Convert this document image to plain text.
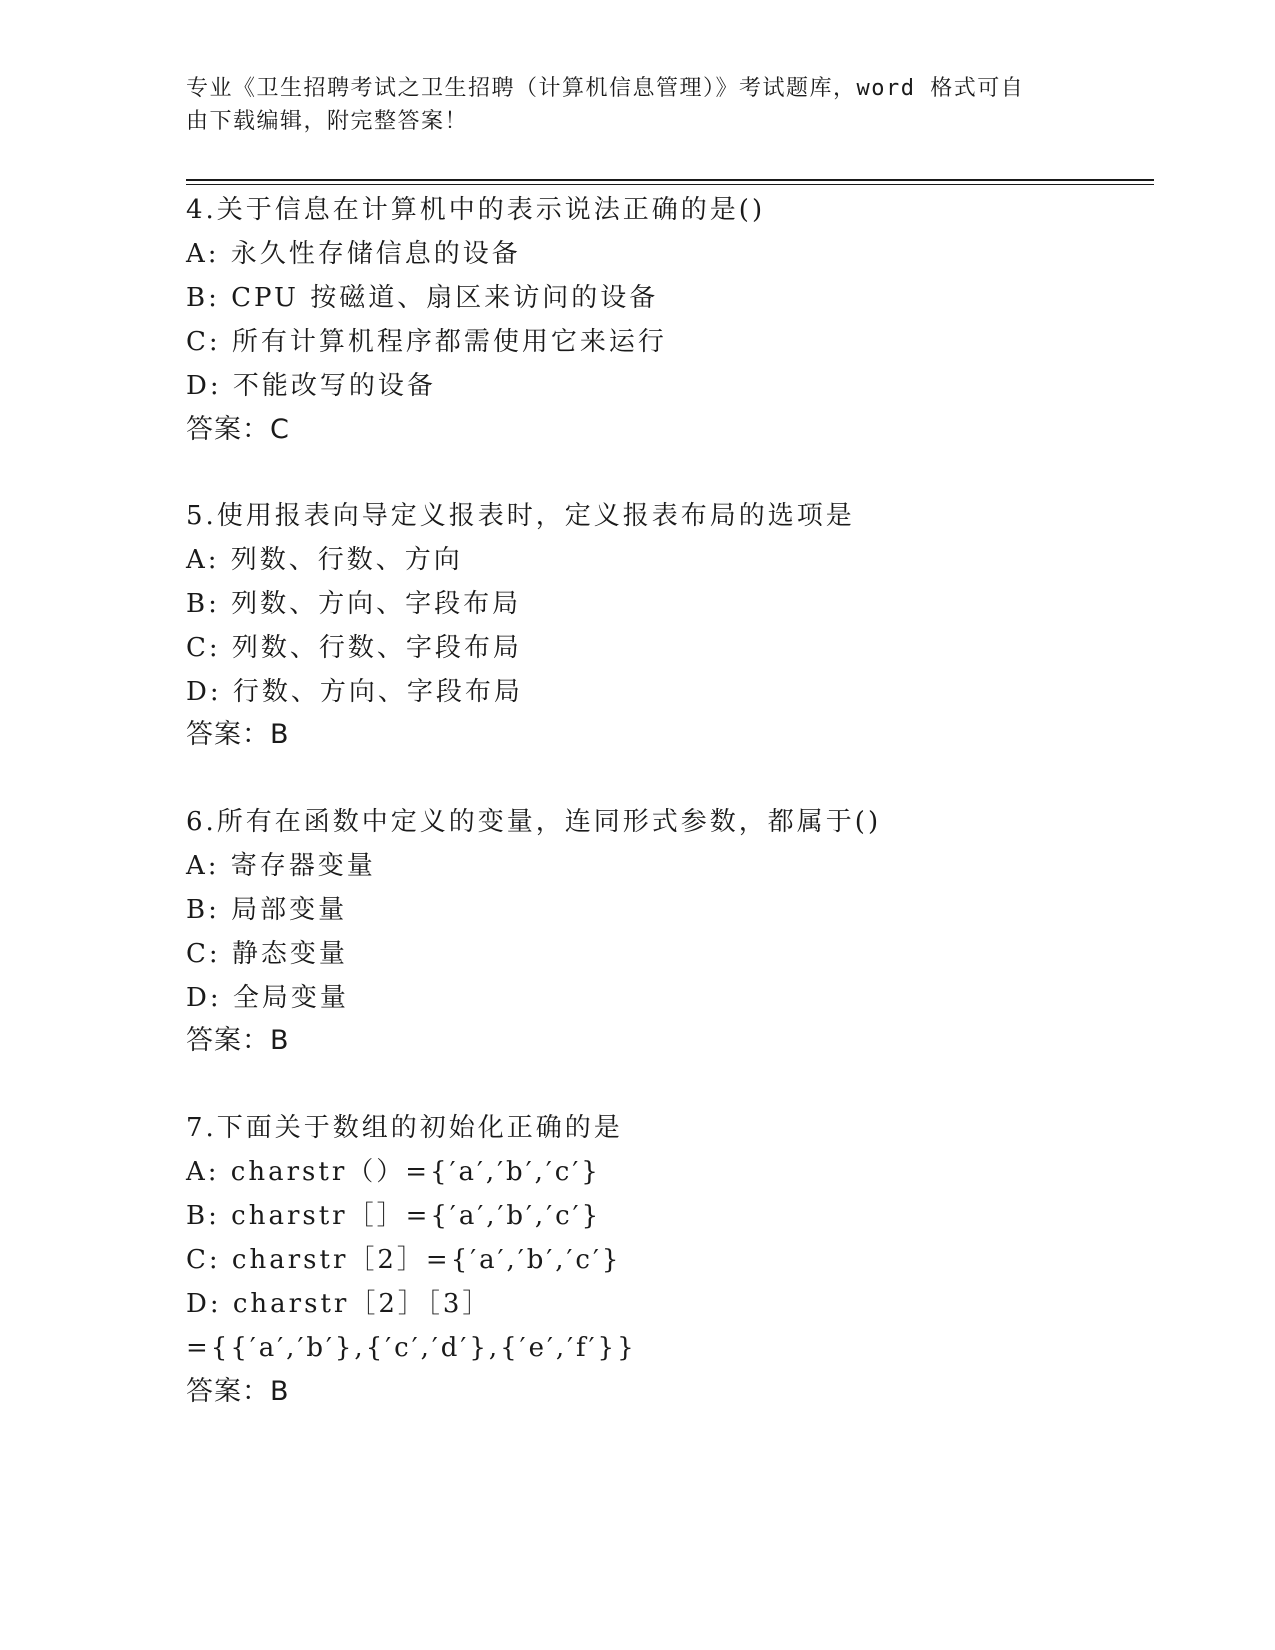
专业《卫生招聘考试之卫生招聘（计算机信息管理）》考试题库，word 格式可自
由下载编辑，附完整答案！
4.关于信息在计算机中的表示说法正确的是()
A: 永久性存储信息的设备
B: CPU 按磁道、扇区来访问的设备
C: 所有计算机程序都需使用它来运行
D: 不能改写的设备
答案：C
5.使用报表向导定义报表时，定义报表布局的选项是
A: 列数、行数、方向
B: 列数、方向、字段布局
C: 列数、行数、字段布局
D: 行数、方向、字段布局
答案：B
6.所有在函数中定义的变量，连同形式参数，都属于()
A: 寄存器变量
B: 局部变量
C: 静态变量
D: 全局变量
答案：B
7.下面关于数组的初始化正确的是
A: charstr（）={′a′,′b′,′c′}
B: charstr［］={′a′,′b′,′c′}
C: charstr［2］={′a′,′b′,′c′}
D: charstr［2］［3］
={{′a′,′b′},{′c′,′d′},{′e′,′f′}}
答案：B
